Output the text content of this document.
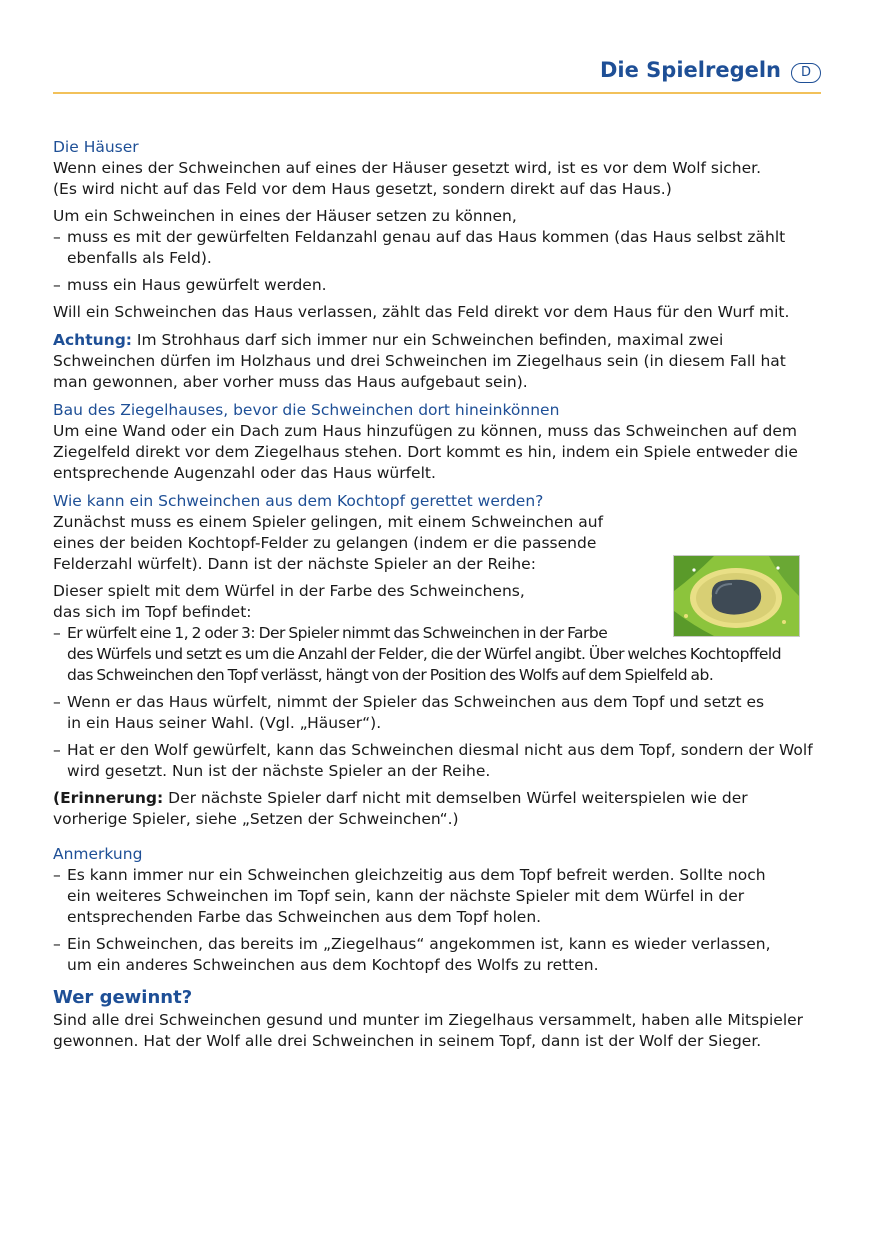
Die Spielregeln	D

Die Häuser

Wenn eines der Schweinchen auf eines der Häuser gesetzt wird, ist es vor dem Wolf sicher.
(Es wird nicht auf das Feld vor dem Haus gesetzt, sondern direkt auf das Haus.)

Um ein Schweinchen in eines der Häuser setzen zu können,

– muss es mit der gewürfelten Feldanzahl genau auf das Haus kommen (das Haus selbst zählt
ebenfalls als Feld).
– muss ein Haus gewürfelt werden.

Will ein Schweinchen das Haus verlassen, zählt das Feld direkt vor dem Haus für den Wurf mit.

Achtung: Im Strohhaus darf sich immer nur ein Schweinchen befinden, maximal zwei
Schweinchen dürfen im Holzhaus und drei Schweinchen im Ziegelhaus sein (in diesem Fall hat
man gewonnen, aber vorher muss das Haus aufgebaut sein).

Bau des Ziegelhauses, bevor die Schweinchen dort hineinkönnen

Um eine Wand oder ein Dach zum Haus hinzufügen zu können, muss das Schweinchen auf dem
Ziegelfeld direkt vor dem Ziegelhaus stehen. Dort kommt es hin, indem ein Spiele entweder die
entsprechende Augenzahl oder das Haus würfelt.

Wie kann ein Schweinchen aus dem Kochtopf gerettet werden?

Zunächst muss es einem Spieler gelingen, mit einem Schweinchen auf
eines der beiden Kochtopf-Felder zu gelangen (indem er die passende
Felderzahl würfelt). Dann ist der nächste Spieler an der Reihe:

Dieser spielt mit dem Würfel in der Farbe des Schweinchens,
das sich im Topf befindet:

– Er würfelt eine 1, 2 oder 3: Der Spieler nimmt das Schweinchen in der Farbe
des Würfels und setzt es um die Anzahl der Felder, die der Würfel angibt. Über welches Kochtopffeld
das Schweinchen den Topf verlässt, hängt von der Position des Wolfs auf dem Spielfeld ab.
– Wenn er das Haus würfelt, nimmt der Spieler das Schweinchen aus dem Topf und setzt es
in ein Haus seiner Wahl. (Vgl. „Häuser“).
– Hat er den Wolf gewürfelt, kann das Schweinchen diesmal nicht aus dem Topf, sondern der Wolf
wird gesetzt. Nun ist der nächste Spieler an der Reihe.

(Erinnerung: Der nächste Spieler darf nicht mit demselben Würfel weiterspielen wie der
vorherige Spieler, siehe „Setzen der Schweinchen“.)

Anmerkung

– Es kann immer nur ein Schweinchen gleichzeitig aus dem Topf befreit werden. Sollte noch
ein weiteres Schweinchen im Topf sein, kann der nächste Spieler mit dem Würfel in der
entsprechenden Farbe das Schweinchen aus dem Topf holen.
– Ein Schweinchen, das bereits im „Ziegelhaus“ angekommen ist, kann es wieder verlassen,
um ein anderes Schweinchen aus dem Kochtopf des Wolfs zu retten.

Wer gewinnt?

Sind alle drei Schweinchen gesund und munter im Ziegelhaus versammelt, haben alle Mitspieler
gewonnen. Hat der Wolf alle drei Schweinchen in seinem Topf, dann ist der Wolf der Sieger.
